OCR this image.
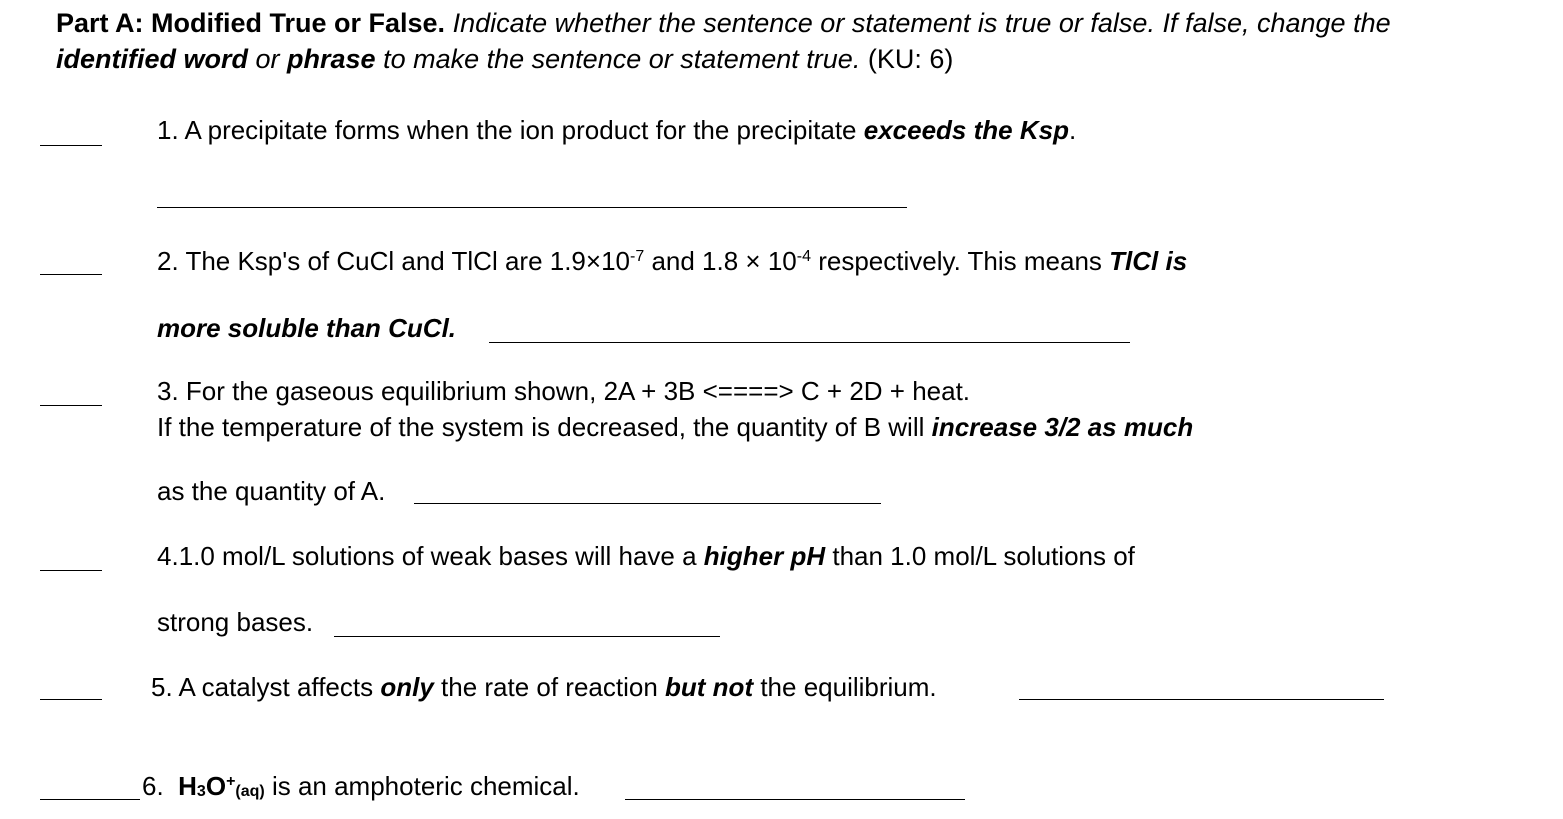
Part A: Modified True or False. Indicate whether the sentence or statement is true or false. If false, change the
identified word or phrase to make the sentence or statement true. (KU: 6)
1. A precipitate forms when the ion product for the precipitate exceeds the Ksp.
2. The Ksp's of CuCl and TlCl are $1.9\times 10^{-7}$ and $1.8 \times 10^{-4}$ respectively. This means TlCl is
more soluble than CuCl.
3. For the gaseous equilibrium shown, 2A + 3B <====> C + 2D + heat.
If the temperature of the system is decreased, the quantity of B will increase 3/2 as much
as the quantity of A.
4.1.0 mol/L solutions of weak bases will have a higher pH than 1.0 mol/L solutions of
strong bases.
5. A catalyst affects only the rate of reaction but not the equilibrium.
6. $H_3O^+_{(aq)}$ is an amphoteric chemical.
